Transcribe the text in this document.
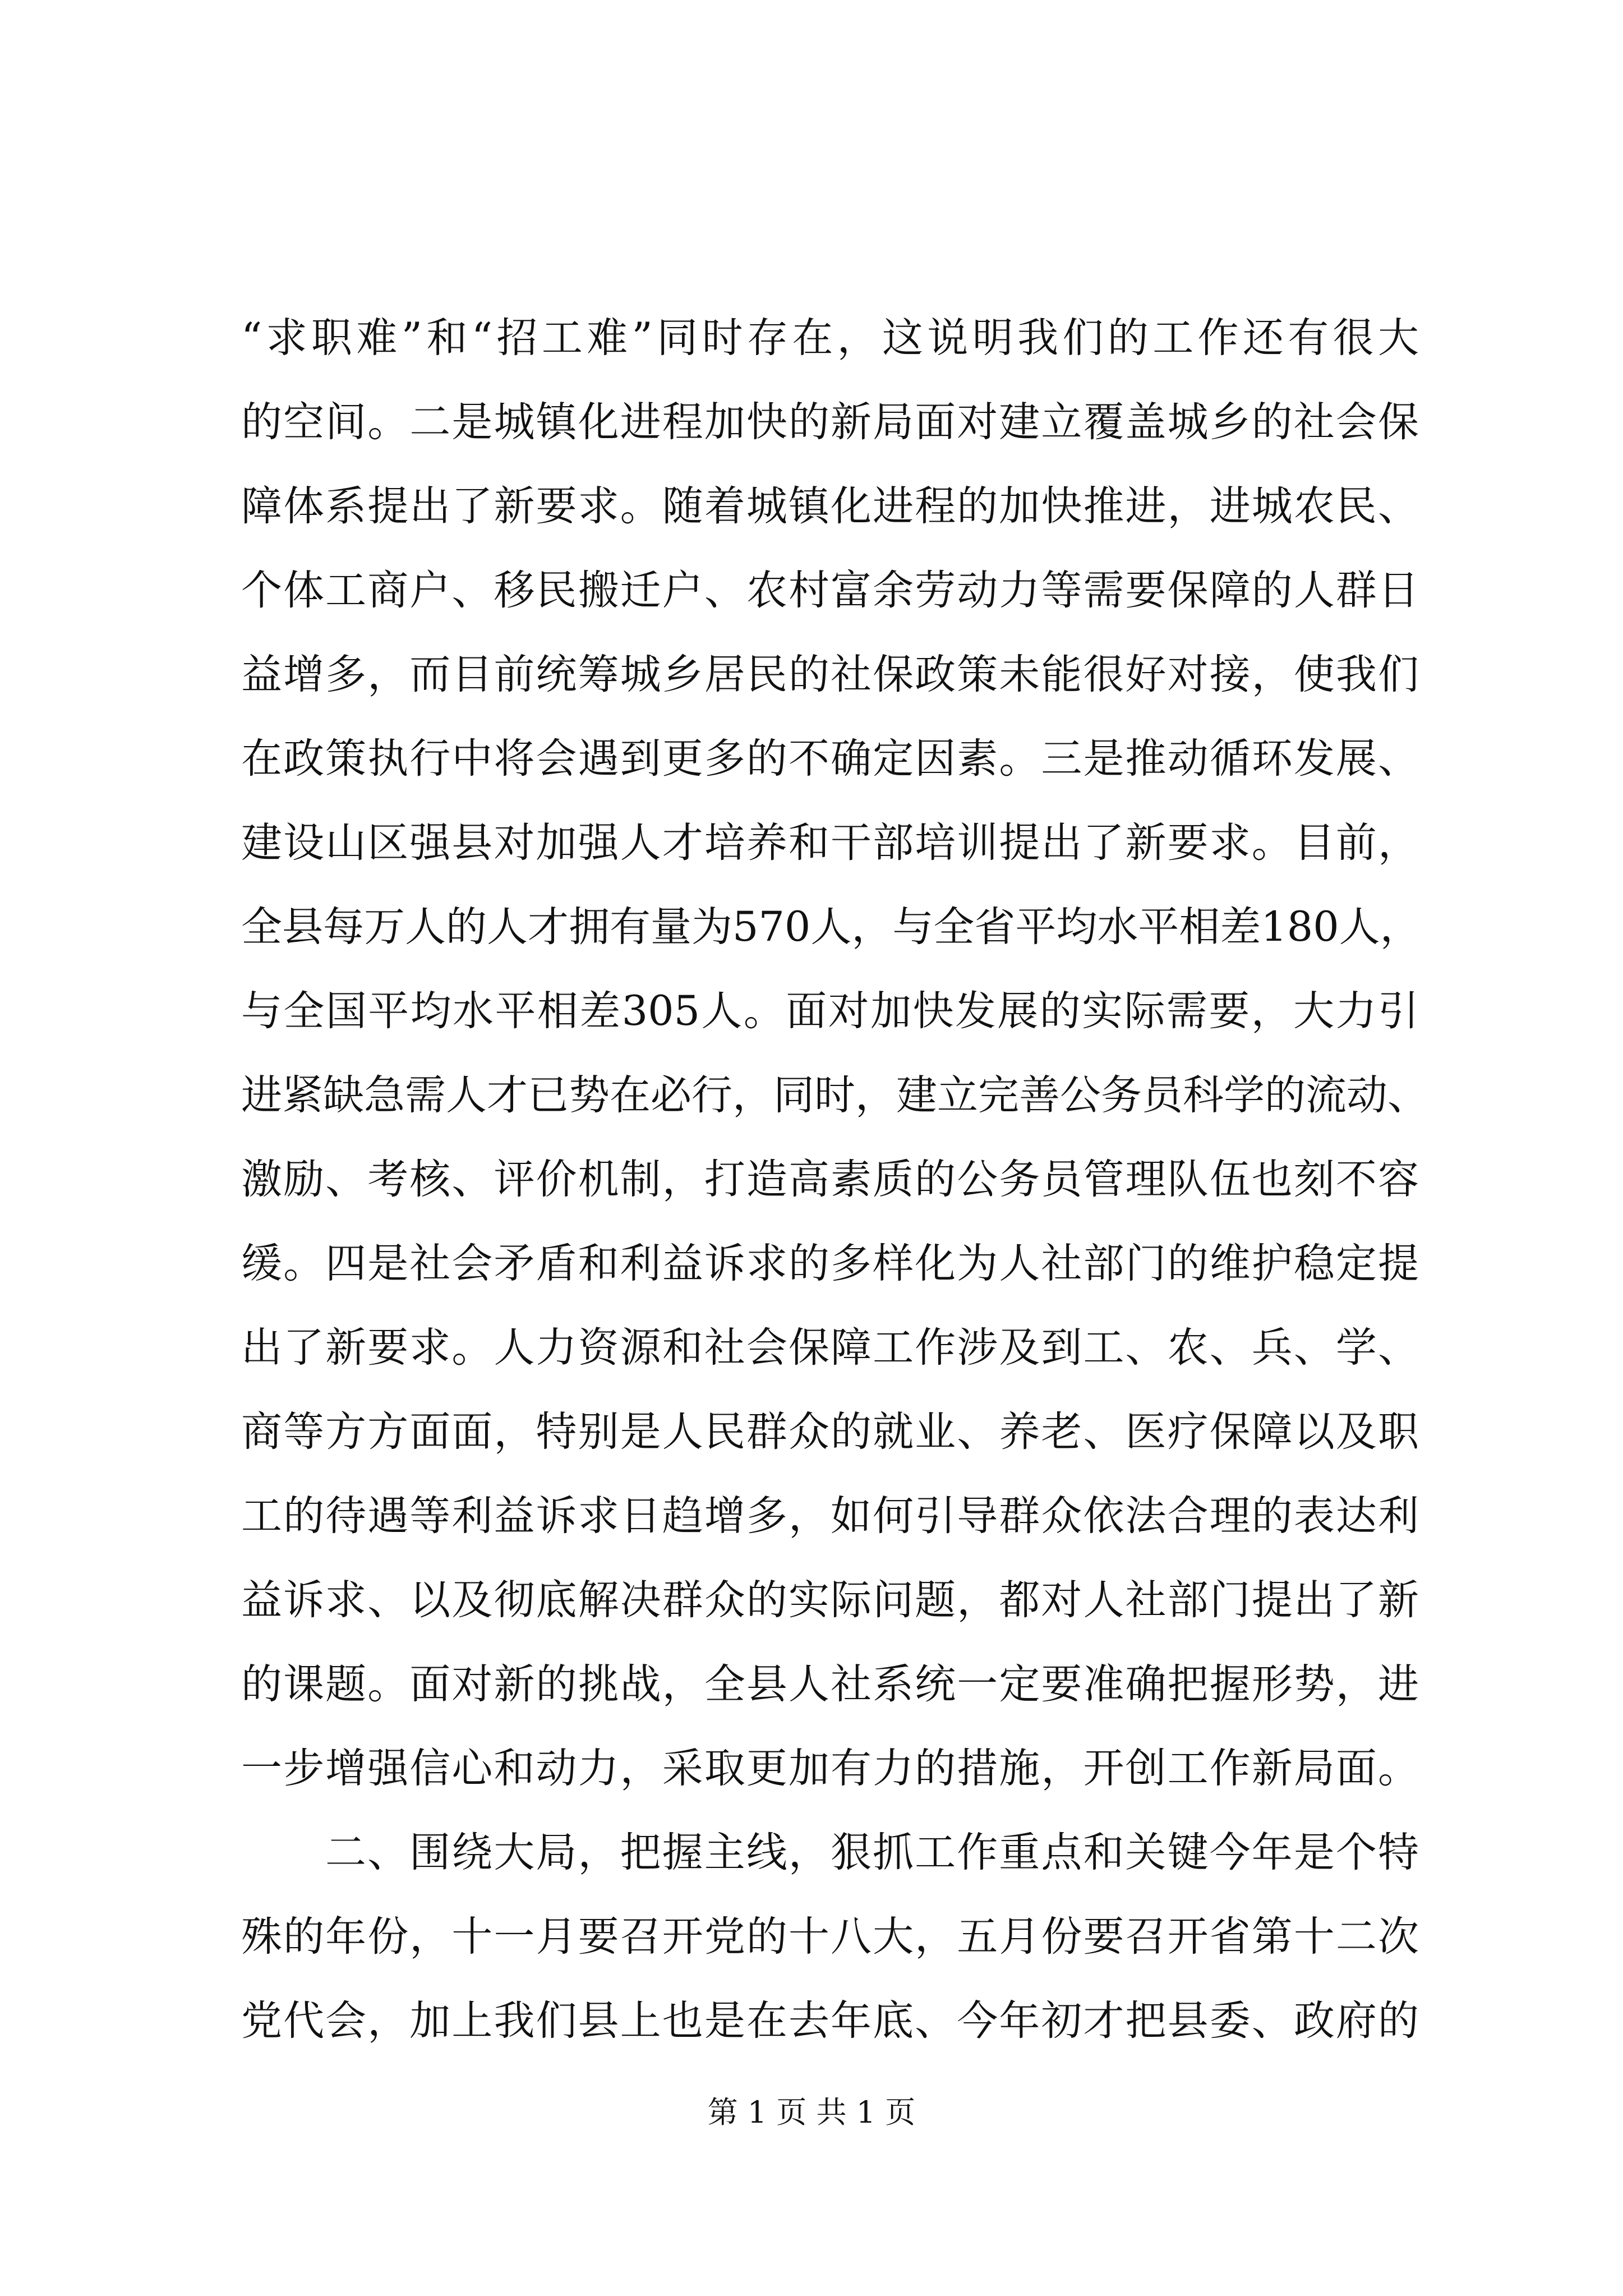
“求职难”和“招工难”同时存在，这说明我们的工作还有很大
的空间。二是城镇化进程加快的新局面对建立覆盖城乡的社会保
障体系提出了新要求。随着城镇化进程的加快推进，进城农民、
个体工商户、移民搬迁户、农村富余劳动力等需要保障的人群日
益增多，而目前统筹城乡居民的社保政策未能很好对接，使我们
在政策执行中将会遇到更多的不确定因素。三是推动循环发展、
建设山区强县对加强人才培养和干部培训提出了新要求。目前，
全县每万人的人才拥有量为570人，与全省平均水平相差180人，
与全国平均水平相差305人。面对加快发展的实际需要，大力引
进紧缺急需人才已势在必行，同时，建立完善公务员科学的流动、
激励、考核、评价机制，打造高素质的公务员管理队伍也刻不容
缓。四是社会矛盾和利益诉求的多样化为人社部门的维护稳定提
出了新要求。人力资源和社会保障工作涉及到工、农、兵、学、
商等方方面面，特别是人民群众的就业、养老、医疗保障以及职
工的待遇等利益诉求日趋增多，如何引导群众依法合理的表达利
益诉求、以及彻底解决群众的实际问题，都对人社部门提出了新
的课题。面对新的挑战，全县人社系统一定要准确把握形势，进
一步增强信心和动力，采取更加有力的措施，开创工作新局面。
二、围绕大局，把握主线，狠抓工作重点和关键今年是个特
殊的年份，十一月要召开党的十八大，五月份要召开省第十二次
党代会，加上我们县上也是在去年底、今年初才把县委、政府的
第 1 页 共 1 页
